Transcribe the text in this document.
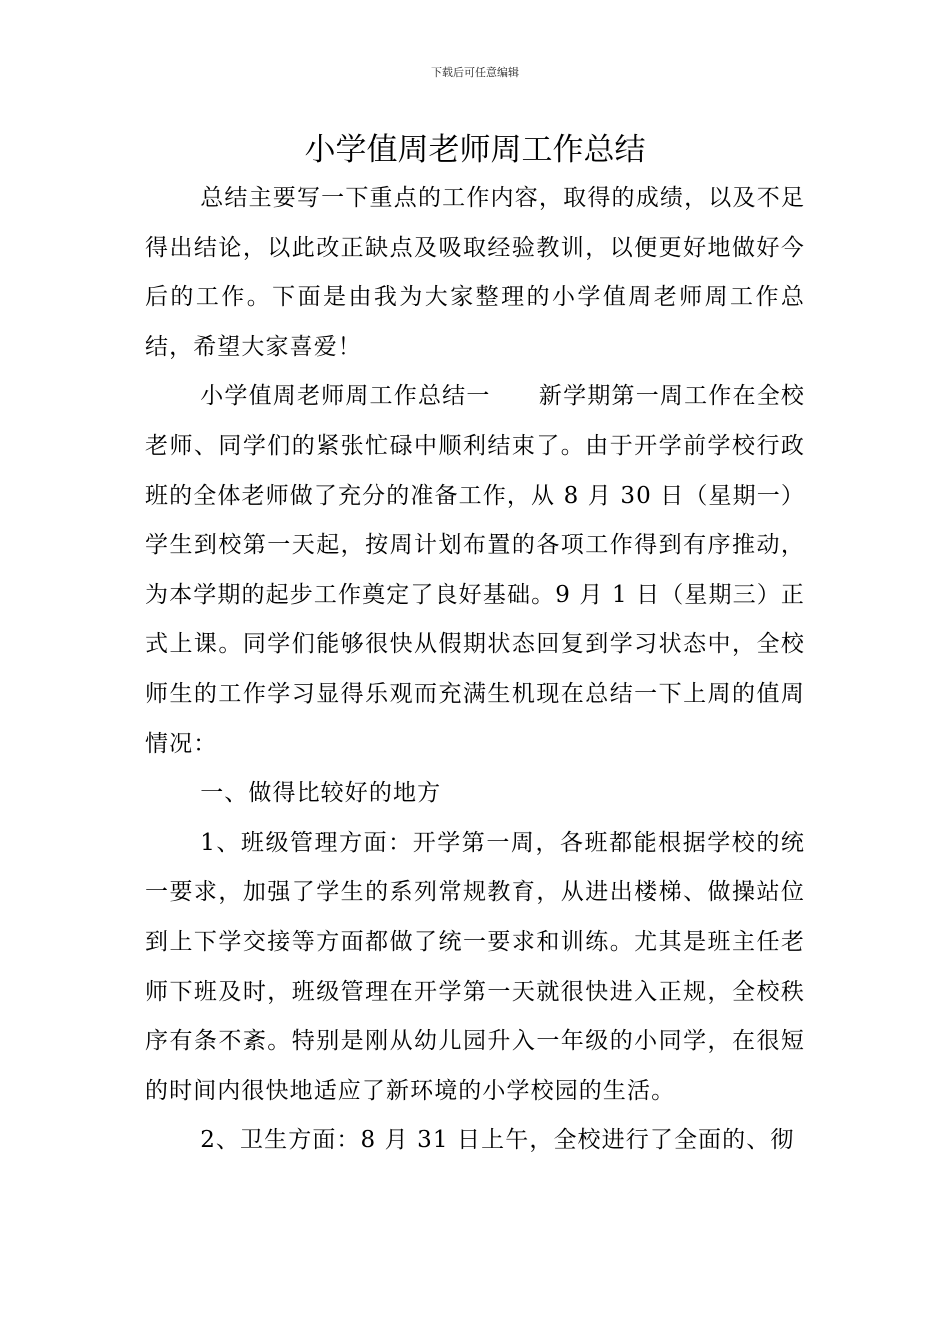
下载后可任意编辑
小学值周老师周工作总结

总结主要写一下重点的工作内容，取得的成绩，以及不足得出结论，以此改正缺点及吸取经验教训，以便更好地做好今后的工作。下面是由我为大家整理的小学值周老师周工作总结，希望大家喜爱！

小学值周老师周工作总结一　　新学期第一周工作在全校老师、同学们的紧张忙碌中顺利结束了。由于开学前学校行政班的全体老师做了充分的准备工作，从 8 月 30 日（星期一）学生到校第一天起，按周计划布置的各项工作得到有序推动，为本学期的起步工作奠定了良好基础。9 月 1 日（星期三）正式上课。同学们能够很快从假期状态回复到学习状态中，全校师生的工作学习显得乐观而充满生机现在总结一下上周的值周情况：

一、做得比较好的地方

1、班级管理方面：开学第一周，各班都能根据学校的统一要求，加强了学生的系列常规教育，从进出楼梯、做操站位到上下学交接等方面都做了统一要求和训练。尤其是班主任老师下班及时，班级管理在开学第一天就很快进入正规，全校秩序有条不紊。特别是刚从幼儿园升入一年级的小同学，在很短的时间内很快地适应了新环境的小学校园的生活。

2、卫生方面：8 月 31 日上午，全校进行了全面的、彻
